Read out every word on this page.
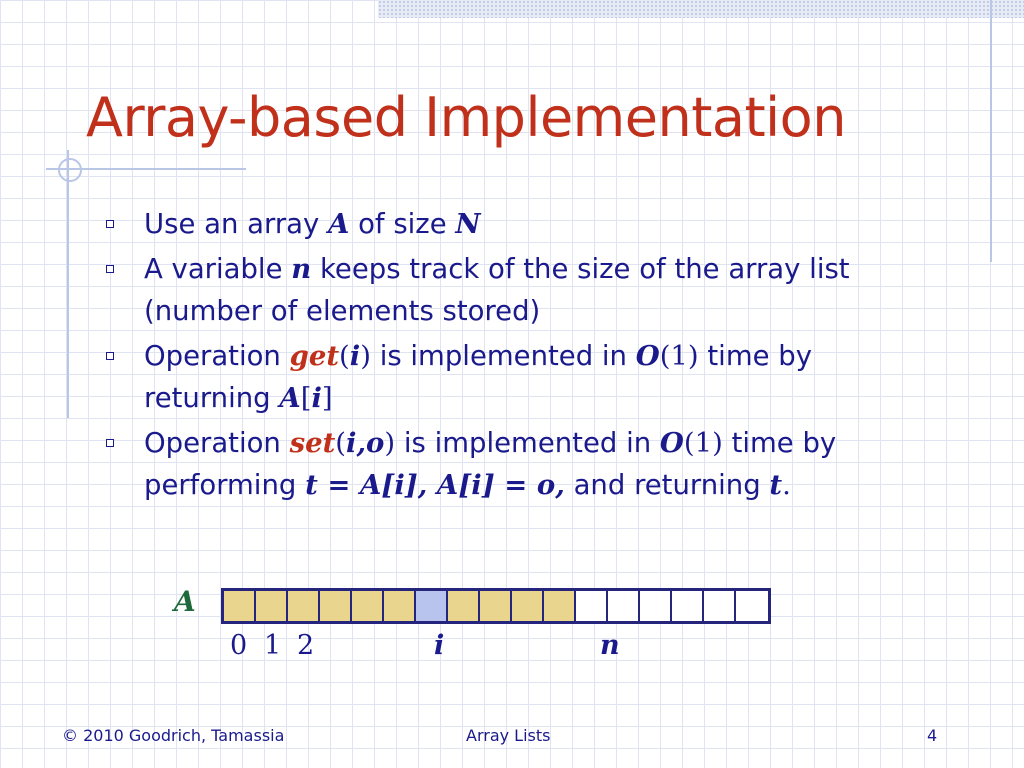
Array-based Implementation
Use an array A of size N
A variable n keeps track of the size of the array list (number of elements stored)
Operation get(i) is implemented in O(1) time by returning A[i]
Operation set(i,o) is implemented in O(1) time by performing t = A[i], A[i] = o, and returning t.
A
0 1 2	i	n
© 2010 Goodrich, Tamassia	Array Lists	4
